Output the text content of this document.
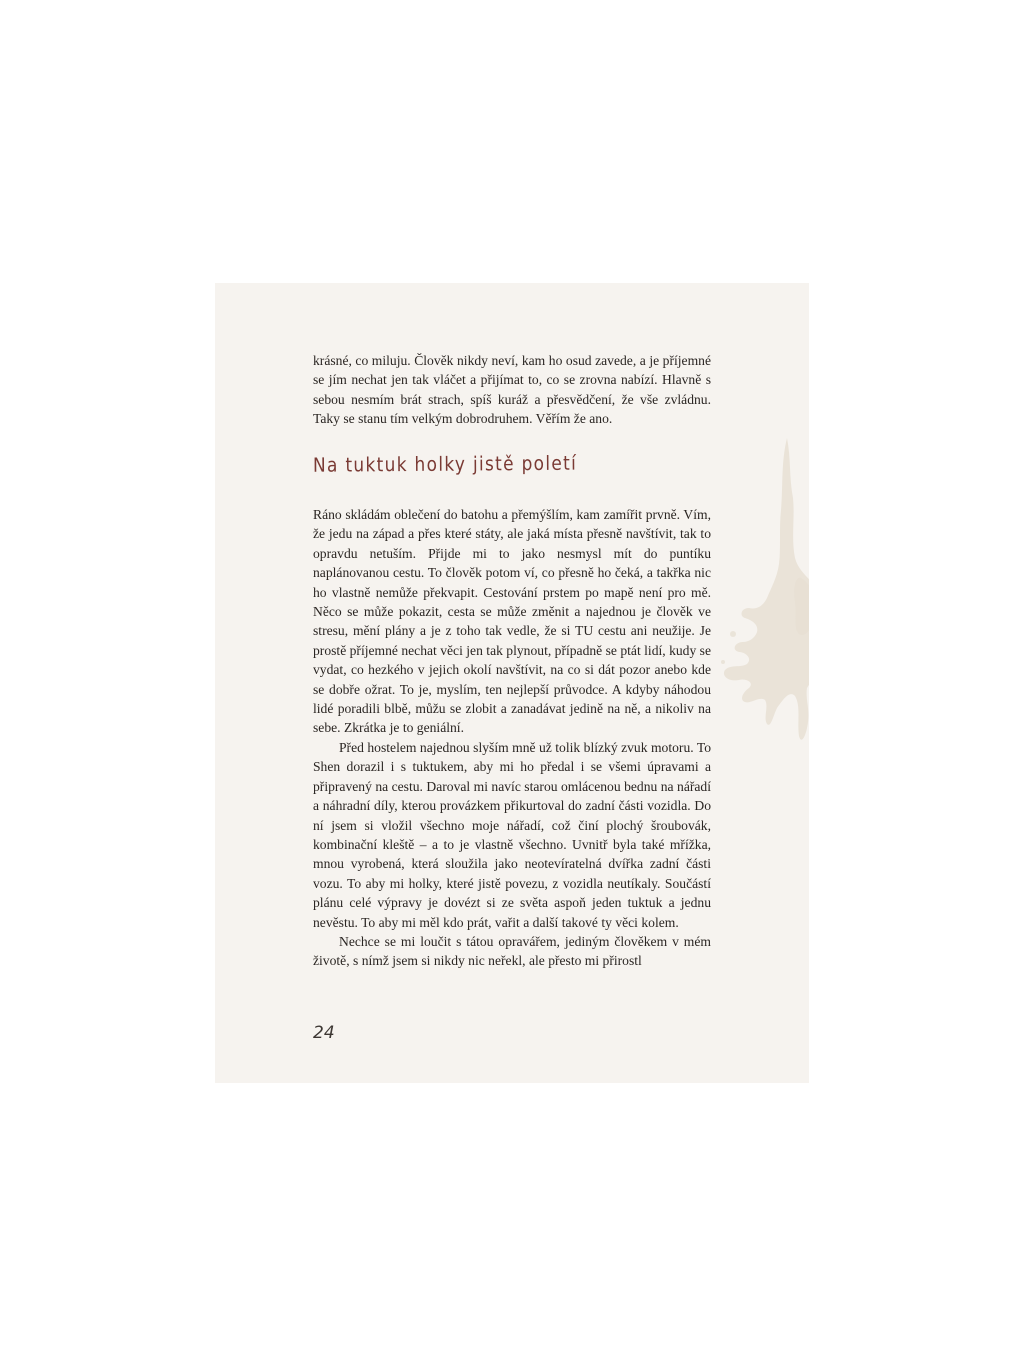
krásné, co miluju. Člověk nikdy neví, kam ho osud zavede, a je příjemné se jím nechat jen tak vláčet a přijímat to, co se zrovna nabízí. Hlavně s sebou nesmím brát strach, spíš kuráž a přesvědčení, že vše zvládnu. Taky se stanu tím velkým dobrodruhem. Věřím že ano.

Na tuktuk holky jistě poletí

Ráno skládám oblečení do batohu a přemýšlím, kam zamířit prvně. Vím, že jedu na západ a přes které státy, ale jaká místa přesně navštívit, tak to opravdu netuším. Přijde mi to jako nesmysl mít do puntíku naplánovanou cestu. To člověk potom ví, co přesně ho čeká, a takřka nic ho vlastně nemůže překvapit. Cestování prstem po mapě není pro mě. Něco se může pokazit, cesta se může změnit a najednou je člověk ve stresu, mění plány a je z toho tak vedle, že si TU cestu ani neužije. Je prostě příjemné nechat věci jen tak plynout, případně se ptát lidí, kudy se vydat, co hezkého v jejich okolí navštívit, na co si dát pozor anebo kde se dobře ožrat. To je, myslím, ten nejlepší průvodce. A kdyby náhodou lidé poradili blbě, můžu se zlobit a zanadávat jedině na ně, a nikoliv na sebe. Zkrátka je to geniální.

Před hostelem najednou slyším mně už tolik blízký zvuk motoru. To Shen dorazil i s tuktukem, aby mi ho předal i se všemi úpravami a připravený na cestu. Daroval mi navíc starou omlácenou bednu na nářadí a náhradní díly, kterou provázkem přikurtoval do zadní části vozidla. Do ní jsem si vložil všechno moje nářadí, což činí plochý šroubovák, kombinační kleště – a to je vlastně všechno. Uvnitř byla také mřížka, mnou vyrobená, která sloužila jako neotevíratelná dvířka zadní části vozu. To aby mi holky, které jistě povezu, z vozidla neutíkaly. Součástí plánu celé výpravy je dovézt si ze světa aspoň jeden tuktuk a jednu nevěstu. To aby mi měl kdo prát, vařit a další takové ty věci kolem.

Nechce se mi loučit s tátou opravářem, jediným člověkem v mém životě, s nímž jsem si nikdy nic neřekl, ale přesto mi přirostl

24
